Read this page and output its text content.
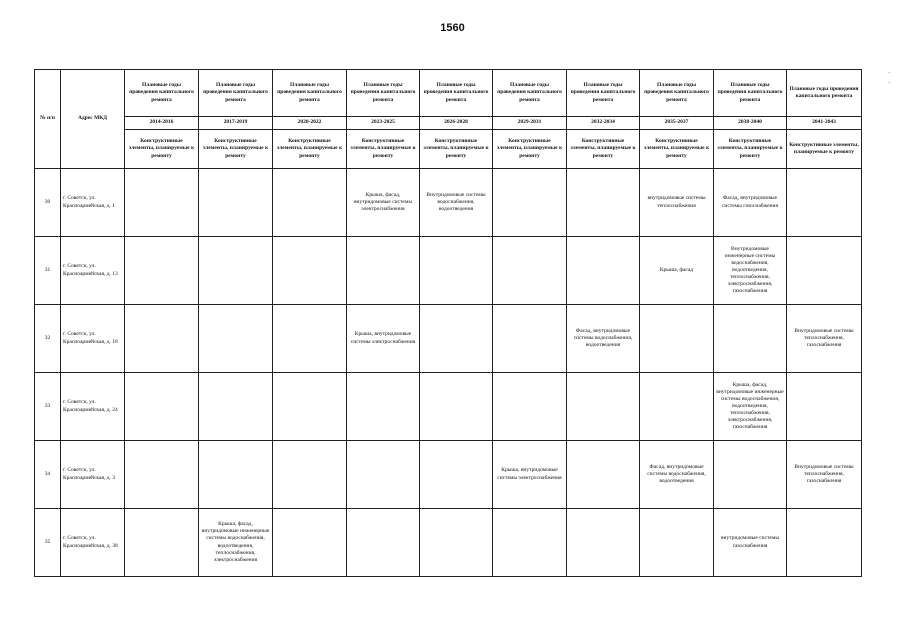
1560
-
-
№ п/п	Адрес МКД	Плановые годы проведения капитального ремонта	Плановые годы проведения капитального ремонта	Плановые годы проведения капитального ремонта	Плановые годы проведения капитального ремонта	Плановые годы проведения капитального ремонта	Плановые годы проведения капитального ремонта	Плановые годы проведения капитального ремонта	Плановые годы проведения капитального ремонта	Плановые годы проведения капитального ремонта	Плановые годы проведения капитального ремонта
		2014-2016	2017-2019	2020-2022	2023-2025	2026-2028	2029-2031	2032-2034	2035-2037	2038-2040	2041-2043
		Конструктивные элементы, планируемые к ремонту	Конструктивные элементы, планируемые к ремонту	Конструктивные элементы, планируемые к ремонту	Конструктивные элементы, планируемые к ремонту	Конструктивные элементы, планируемые к ремонту	Конструктивные элементы, планируемые к ремонту	Конструктивные элементы, планируемые к ремонту	Конструктивные элементы, планируемые к ремонту	Конструктивные элементы, планируемые к ремонту	Конструктивные элементы, планируемые к ремонту
30	г. Советск, ул. Красноармейская, д. 1				Крыша, фасад, внутридомовые системы электроснабжения	Внутридомовые системы водоснабжения, водоотведения			внутридомовые системы теплоснабжения	Фасад, внутридомовые системы газоснабжения	
31	г. Советск, ул. Красноармейская, д. 13								Крыша, фасад	Внутридомовые инженерные системы водоснабжения, водоотведения, теплоснабжения, электроснабжения, газоснабжения	
32	г. Советск, ул. Красноармейская, д. 18				Крыша, внутридомовые системы электроснабжения			Фасад, внутридомовые системы водоснабжения, водоотведения			Внутридомовые системы теплоснабжения, газоснабжения
33	г. Советск, ул. Красноармейская, д. 24									Крыша, фасад, внутридомовые инженерные системы водоснабжения, водоотведения, теплоснабжения, электроснабжения, газоснабжения	
34	г. Советск, ул. Красноармейская, д. 3						Крыша, внутридомовые системы электроснабжения		Фасад, внутридомовые системы водоснабжения, водоотведения		Внутридомовые системы теплоснабжения, газоснабжения
35	г. Советск, ул. Красноармейская, д. 38		Крыша, фасад, внутридомовые инженерные системы водоснабжения, водоотведения, теплоснабжения, электроснабжения							внутридомовые системы газоснабжения	
